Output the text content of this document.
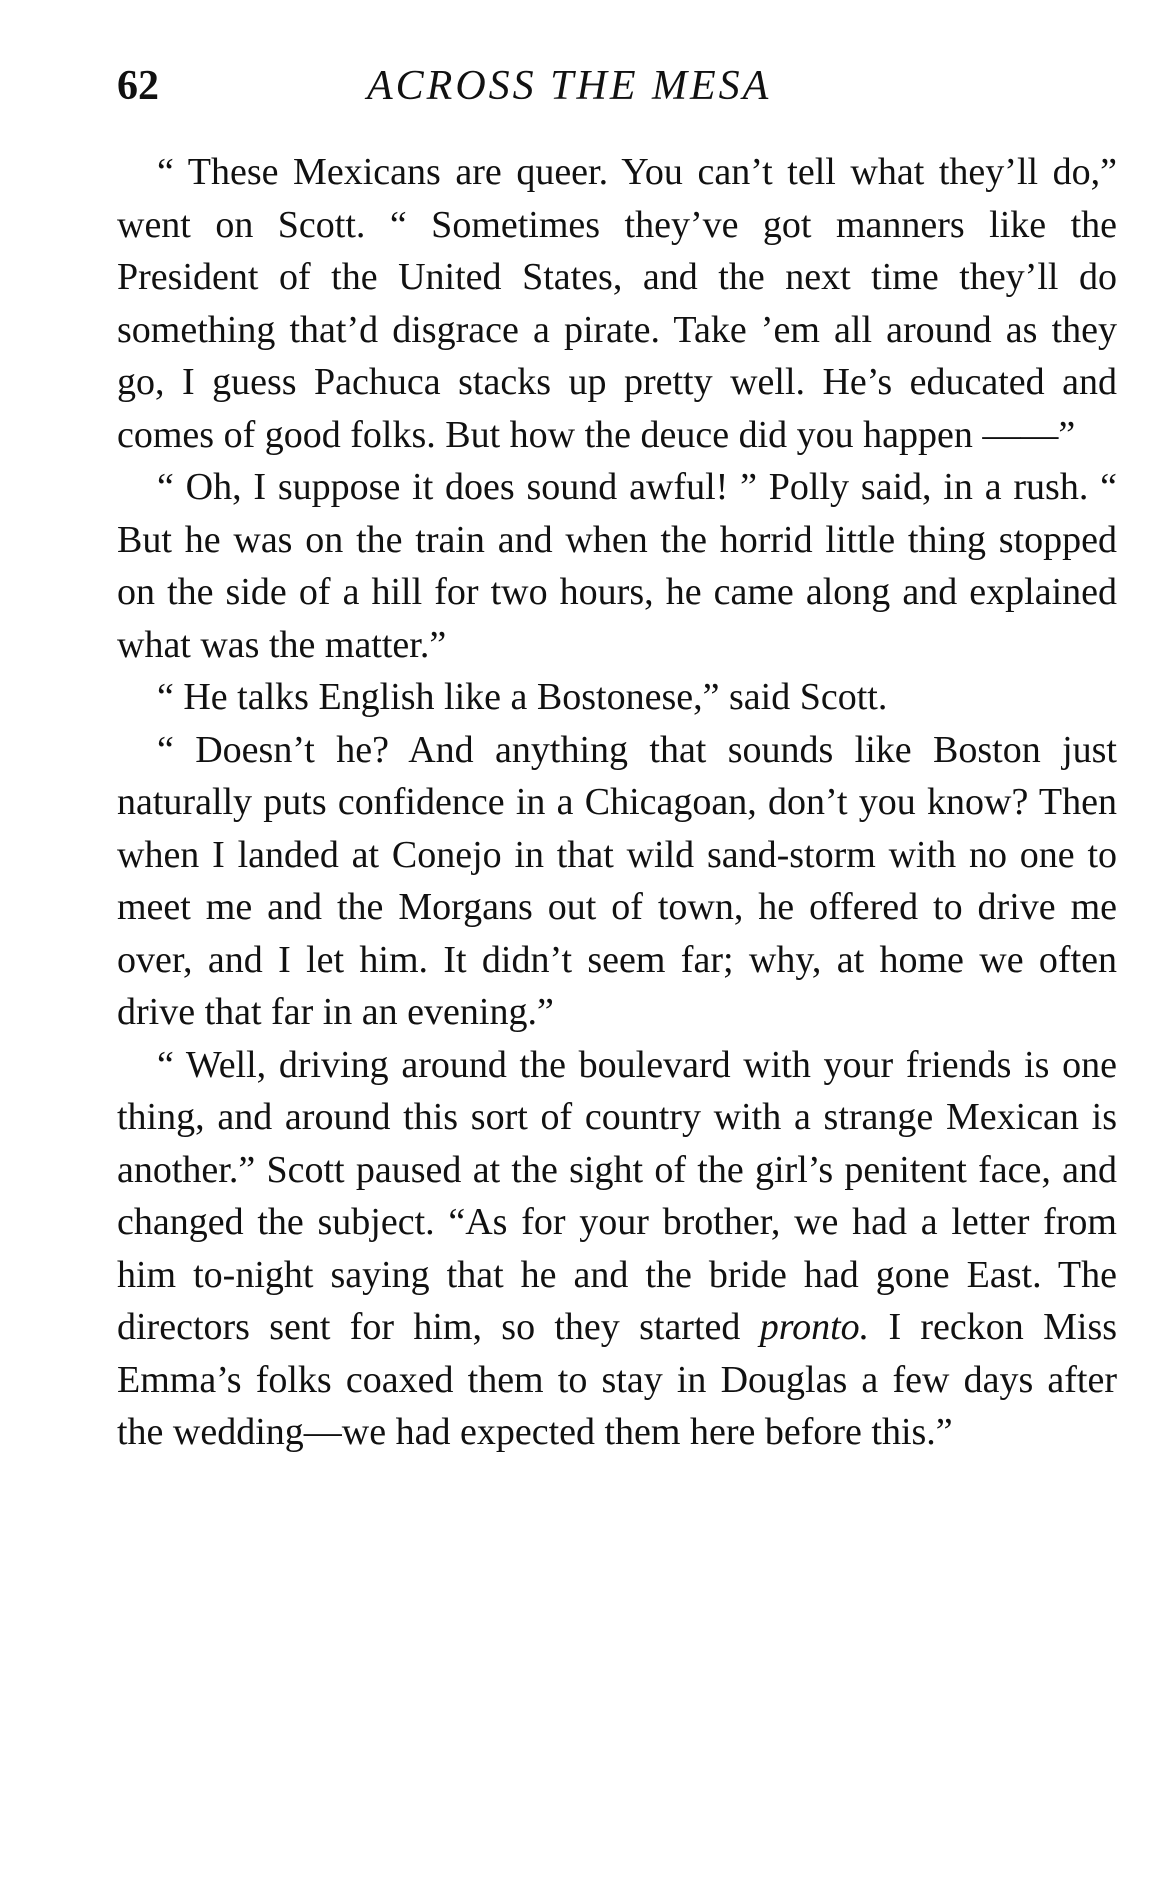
62	ACROSS THE MESA

“ These Mexicans are queer. You can’t tell what they’ll do,” went on Scott. “ Sometimes they’ve got manners like the President of the United States, and the next time they’ll do something that’d disgrace a pirate. Take ’em all around as they go, I guess Pachuca stacks up pretty well. He’s educated and comes of good folks. But how the deuce did you happen ——”

“ Oh, I suppose it does sound awful! ” Polly said, in a rush. “ But he was on the train and when the horrid little thing stopped on the side of a hill for two hours, he came along and explained what was the matter.”

“ He talks English like a Bostonese,” said Scott.

“ Doesn’t he? And anything that sounds like Boston just naturally puts confidence in a Chicagoan, don’t you know? Then when I landed at Conejo in that wild sand-storm with no one to meet me and the Morgans out of town, he offered to drive me over, and I let him. It didn’t seem far; why, at home we often drive that far in an evening.”

“ Well, driving around the boulevard with your friends is one thing, and around this sort of country with a strange Mexican is another.” Scott paused at the sight of the girl’s penitent face, and changed the subject. “As for your brother, we had a letter from him to-night saying that he and the bride had gone East. The directors sent for him, so they started pronto. I reckon Miss Emma’s folks coaxed them to stay in Douglas a few days after the wedding—we had expected them here before this.”
